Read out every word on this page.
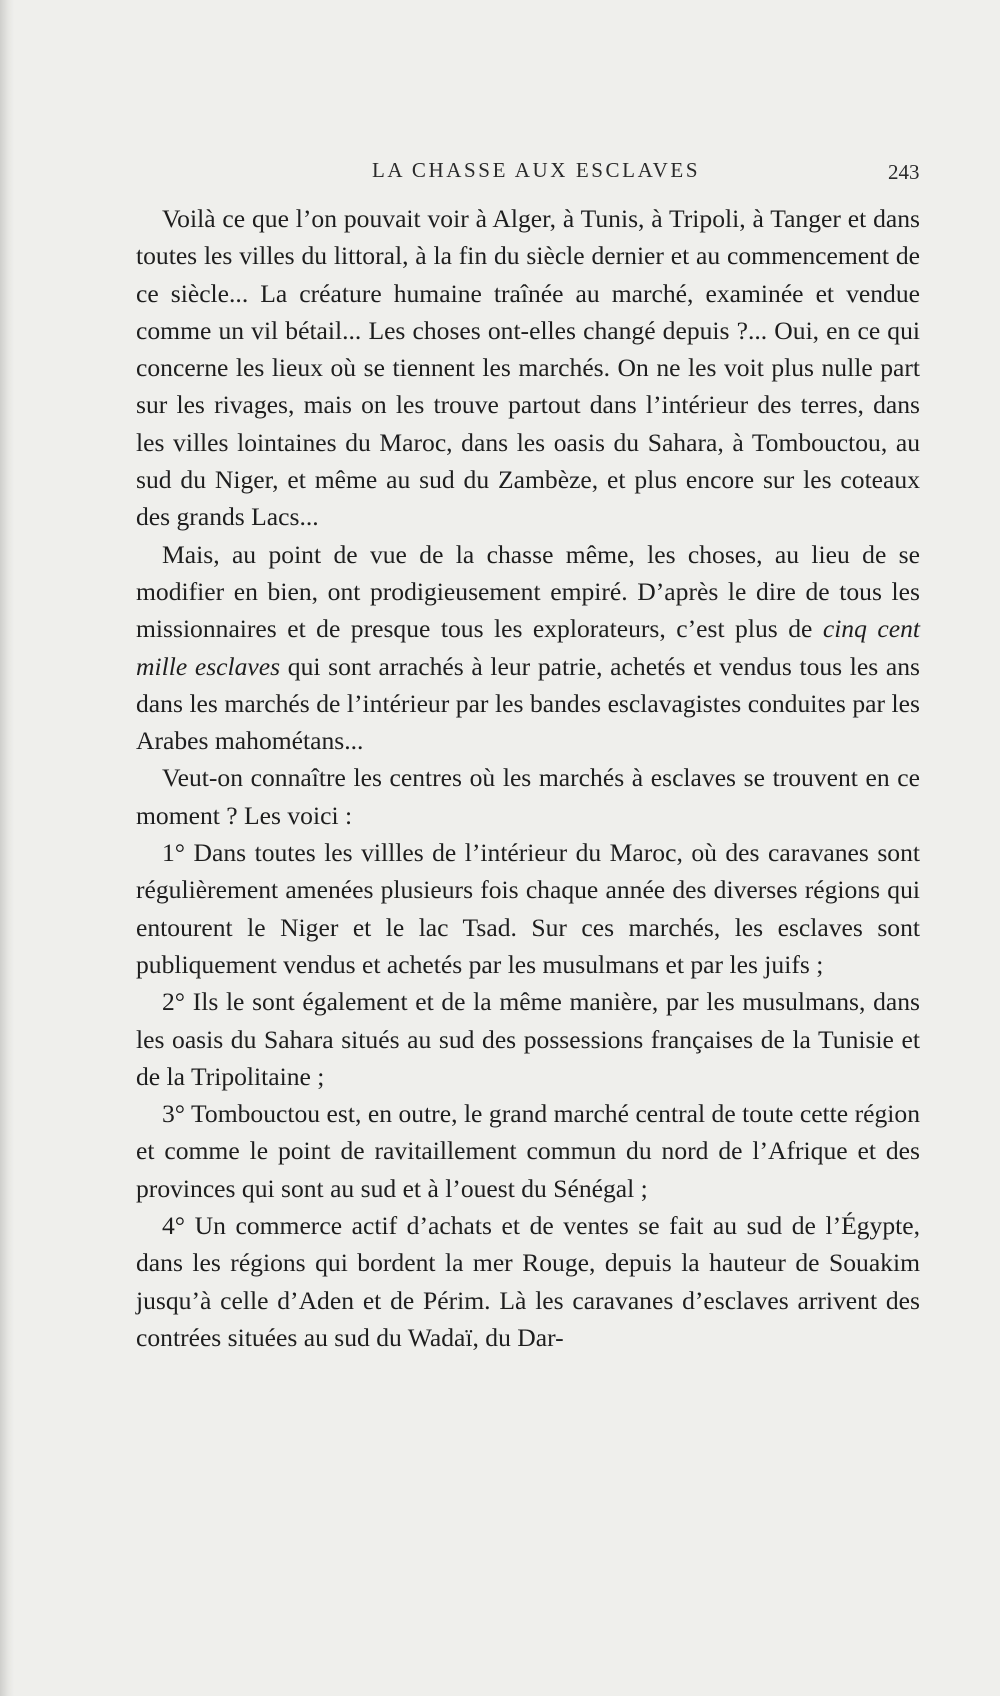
LA CHASSE AUX ESCLAVES	243

Voilà ce que l’on pouvait voir à Alger, à Tunis, à Tripoli, à Tanger et dans toutes les villes du littoral, à la fin du siècle dernier et au commencement de ce siècle... La créature humaine traînée au marché, examinée et vendue comme un vil bétail... Les choses ont-elles changé depuis ?... Oui, en ce qui concerne les lieux où se tiennent les marchés. On ne les voit plus nulle part sur les rivages, mais on les trouve partout dans l’intérieur des terres, dans les villes lointaines du Maroc, dans les oasis du Sahara, à Tombouctou, au sud du Niger, et même au sud du Zambèze, et plus encore sur les coteaux des grands Lacs...

Mais, au point de vue de la chasse même, les choses, au lieu de se modifier en bien, ont prodigieusement empiré. D’après le dire de tous les missionnaires et de presque tous les explorateurs, c’est plus de cinq cent mille esclaves qui sont arrachés à leur patrie, achetés et vendus tous les ans dans les marchés de l’intérieur par les bandes esclavagistes conduites par les Arabes mahométans...

Veut-on connaître les centres où les marchés à esclaves se trouvent en ce moment ? Les voici :

1° Dans toutes les villles de l’intérieur du Maroc, où des caravanes sont régulièrement amenées plusieurs fois chaque année des diverses régions qui entourent le Niger et le lac Tsad. Sur ces marchés, les esclaves sont publiquement vendus et achetés par les musulmans et par les juifs ;

2° Ils le sont également et de la même manière, par les musulmans, dans les oasis du Sahara situés au sud des possessions françaises de la Tunisie et de la Tripolitaine ;

3° Tombouctou est, en outre, le grand marché central de toute cette région et comme le point de ravitaillement commun du nord de l’Afrique et des provinces qui sont au sud et à l’ouest du Sénégal ;

4° Un commerce actif d’achats et de ventes se fait au sud de l’Égypte, dans les régions qui bordent la mer Rouge, depuis la hauteur de Souakim jusqu’à celle d’Aden et de Périm. Là les caravanes d’esclaves arrivent des contrées situées au sud du Wadaï, du Dar-
